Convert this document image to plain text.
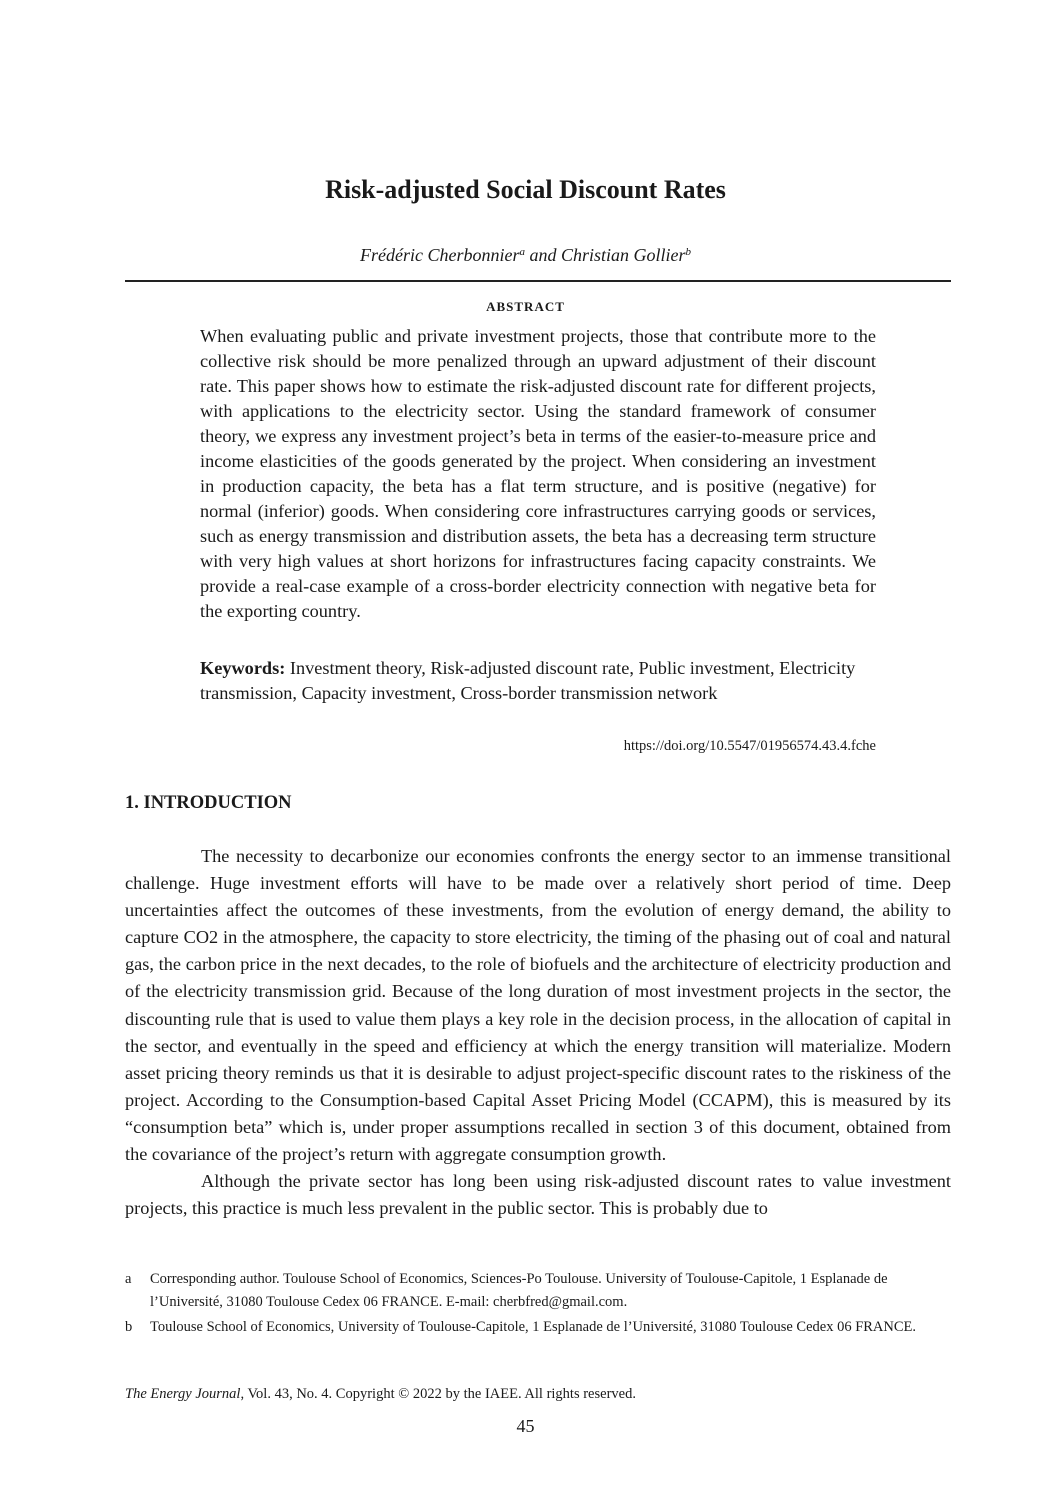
Risk-adjusted Social Discount Rates
Frédéric Cherbonnier$^a$ and Christian Gollier$^b$
ABSTRACT

When evaluating public and private investment projects, those that contribute more to the collective risk should be more penalized through an upward adjustment of their discount rate. This paper shows how to estimate the risk-adjusted discount rate for different projects, with applications to the electricity sector. Using the standard framework of consumer theory, we express any investment project’s beta in terms of the easier-to-measure price and income elasticities of the goods generated by the project. When considering an investment in production capacity, the beta has a flat term structure, and is positive (negative) for normal (inferior) goods. When considering core infrastructures carrying goods or services, such as energy transmission and distribution assets, the beta has a decreasing term structure with very high values at short horizons for infrastructures facing capacity constraints. We provide a real-case example of a cross-border electricity connection with negative beta for the exporting country.

Keywords: Investment theory, Risk-adjusted discount rate, Public investment, Electricity transmission, Capacity investment, Cross-border transmission network

https://doi.org/10.5547/01956574.43.4.fche
1. INTRODUCTION

The necessity to decarbonize our economies confronts the energy sector to an immense transitional challenge. Huge investment efforts will have to be made over a relatively short period of time. Deep uncertainties affect the outcomes of these investments, from the evolution of energy demand, the ability to capture CO2 in the atmosphere, the capacity to store electricity, the timing of the phasing out of coal and natural gas, the carbon price in the next decades, to the role of biofuels and the architecture of electricity production and of the electricity transmission grid. Because of the long duration of most investment projects in the sector, the discounting rule that is used to value them plays a key role in the decision process, in the allocation of capital in the sector, and eventually in the speed and efficiency at which the energy transition will materialize. Modern asset pricing theory reminds us that it is desirable to adjust project-specific discount rates to the riskiness of the project. According to the Consumption-based Capital Asset Pricing Model (CCAPM), this is measured by its “consumption beta” which is, under proper assumptions recalled in section 3 of this document, obtained from the covariance of the project’s return with aggregate consumption growth.

Although the private sector has long been using risk-adjusted discount rates to value investment projects, this practice is much less prevalent in the public sector. This is probably due to

a Corresponding author. Toulouse School of Economics, Sciences-Po Toulouse. University of Toulouse-Capitole, 1 Esplanade de l’Université, 31080 Toulouse Cedex 06 FRANCE. E-mail: cherbfred@gmail.com.
b Toulouse School of Economics, University of Toulouse-Capitole, 1 Esplanade de l’Université, 31080 Toulouse Cedex 06 FRANCE.
The Energy Journal, Vol. 43, No. 4. Copyright © 2022 by the IAEE. All rights reserved.
45
